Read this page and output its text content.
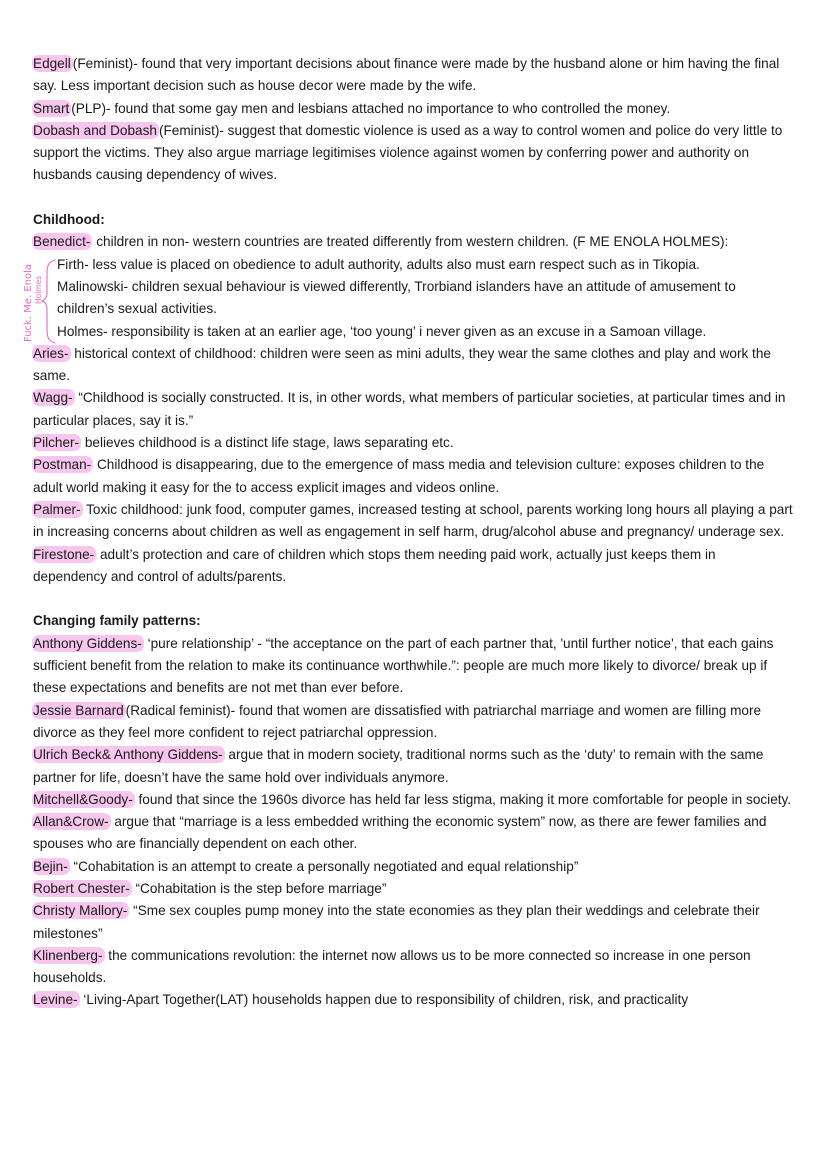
Edgell (Feminist)- found that very important decisions about finance were made by the husband alone or him having the final
say. Less important decision such as house decor were made by the wife.
Smart (PLP)- found that some gay men and lesbians attached no importance to who controlled the money.
Dobash and Dobash (Feminist)- suggest that domestic violence is used as a way to control women and police do very little to
support the victims. They also argue marriage legitimises violence against women by conferring power and authority on
husbands causing dependency of wives.
Childhood:
Benedict- children in non- western countries are treated differently from western children. (F ME ENOLA HOLMES):
Firth- less value is placed on obedience to adult authority, adults also must earn respect such as in Tikopia.
Malinowski- children sexual behaviour is viewed differently, Trorbiand islanders have an attitude of amusement to
children’s sexual activities.
Holmes- responsibility is taken at an earlier age, ‘too young’ i never given as an excuse in a Samoan village.
Aries- historical context of childhood: children were seen as mini adults, they wear the same clothes and play and work the
same.
Wagg- “Childhood is socially constructed. It is, in other words, what members of particular societies, at particular times and in
particular places, say it is.”
Pilcher- believes childhood is a distinct life stage, laws separating etc.
Postman- Childhood is disappearing, due to the emergence of mass media and television culture: exposes children to the
adult world making it easy for the to access explicit images and videos online.
Palmer- Toxic childhood: junk food, computer games, increased testing at school, parents working long hours all playing a part
in increasing concerns about children as well as engagement in self harm, drug/alcohol abuse and pregnancy/ underage sex.
Firestone- adult’s protection and care of children which stops them needing paid work, actually just keeps them in
dependency and control of adults/parents.
Changing family patterns:
Anthony Giddens- ‘pure relationship’ - “the acceptance on the part of each partner that, 'until further notice', that each gains
sufficient benefit from the relation to make its continuance worthwhile.”: people are much more likely to divorce/ break up if
these expectations and benefits are not met than ever before.
Jessie Barnard (Radical feminist)- found that women are dissatisfied with patriarchal marriage and women are filling more
divorce as they feel more confident to reject patriarchal oppression.
Ulrich Beck& Anthony Giddens- argue that in modern society, traditional norms such as the ‘duty’ to remain with the same
partner for life, doesn’t have the same hold over individuals anymore.
Mitchell&Goody- found that since the 1960s divorce has held far less stigma, making it more comfortable for people in society.
Allan&Crow- argue that “marriage is a less embedded writhing the economic system” now, as there are fewer families and
spouses who are financially dependent on each other.
Bejin- “Cohabitation is an attempt to create a personally negotiated and equal relationship”
Robert Chester- “Cohabitation is the step before marriage”
Christy Mallory- “Sme sex couples pump money into the state economies as they plan their weddings and celebrate their
milestones”
Klinenberg- the communications revolution: the internet now allows us to be more connected so increase in one person
households.
Levine- ‘Living-Apart Together(LAT) households happen due to responsibility of children, risk, and practicality
Fuck. Me. Enola Holmes
